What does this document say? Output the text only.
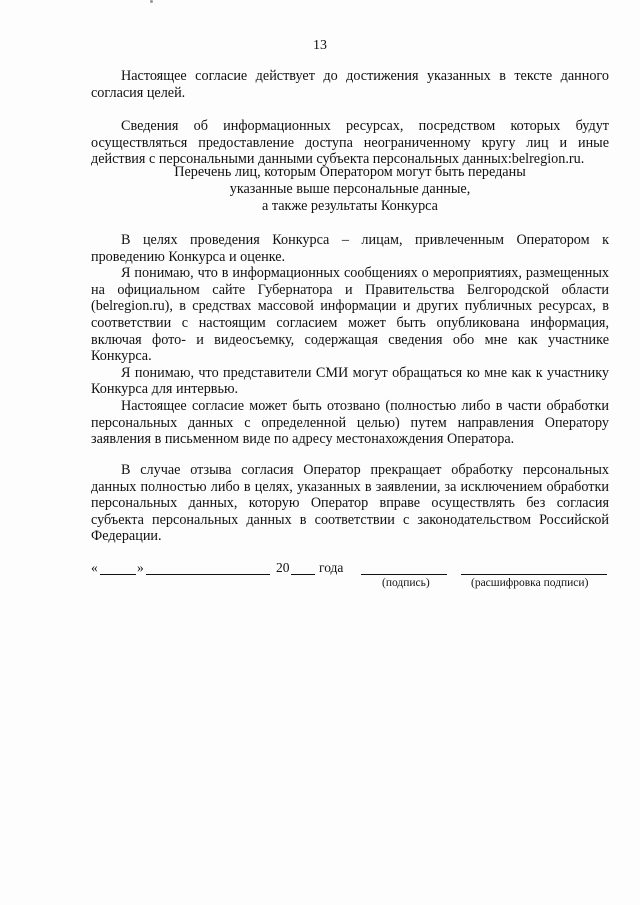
13

Настоящее согласие действует до достижения указанных в тексте данного согласия целей.

Сведения об информационных ресурсах, посредством которых будут осуществляться предоставление доступа неограниченному кругу лиц и иные действия с персональными данными субъекта персональных данных:belregion.ru.

Перечень лиц, которым Оператором могут быть переданы
указанные выше персональные данные,
а также результаты Конкурса

В целях проведения Конкурса – лицам, привлеченным Оператором к проведению Конкурса и оценке.

Я понимаю, что в информационных сообщениях о мероприятиях, размещенных на официальном сайте Губернатора и Правительства Белгородской области (belregion.ru), в средствах массовой информации и других публичных ресурсах, в соответствии с настоящим согласием может быть опубликована информация, включая фото- и видеосъемку, содержащая сведения обо мне как участнике Конкурса.

Я понимаю, что представители СМИ могут обращаться ко мне как к участнику Конкурса для интервью.

Настоящее согласие может быть отозвано (полностью либо в части обработки персональных данных с определенной целью) путем направления Оператору заявления в письменном виде по адресу местонахождения Оператора.

В случае отзыва согласия Оператор прекращает обработку персональных данных полностью либо в целях, указанных в заявлении, за исключением обработки персональных данных, которую Оператор вправе осуществлять без согласия субъекта персональных данных в соответствии с законодательством Российской Федерации.

«	»	20 года
(подпись)	(расшифровка подписи)
